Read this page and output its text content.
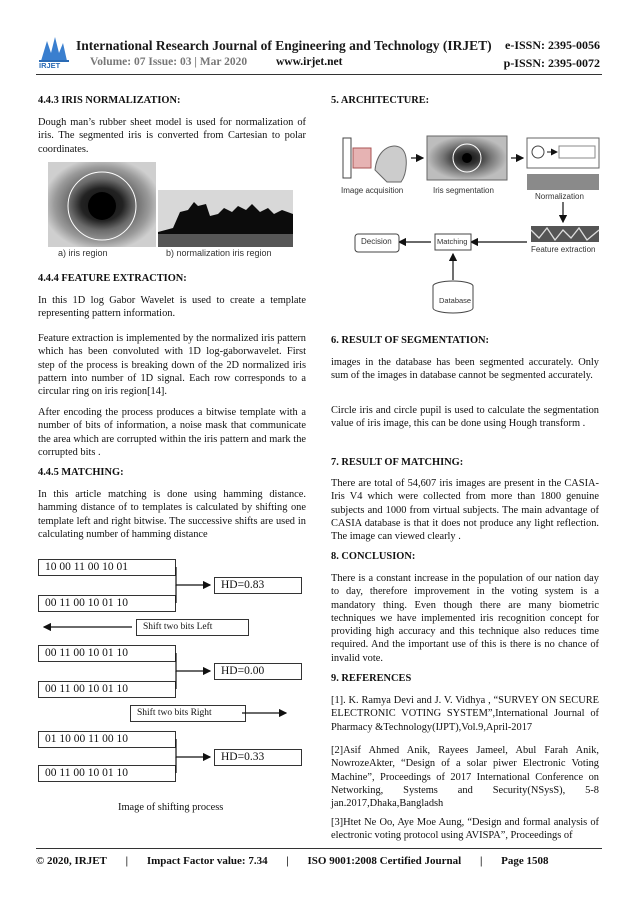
IRJET
International Research Journal of Engineering and Technology (IRJET) e-ISSN: 2395-0056
Volume: 07 Issue: 03 | Mar 2020	www.irjet.net	p-ISSN: 2395-0072
4.4.3 IRIS NORMALIZATION:

Dough man’s rubber sheet model is used for normalization of iris. The segmented iris is converted from Cartesian to polar coordinates.

a) iris region	b) normalization iris region
4.4.4 FEATURE EXTRACTION:

In this 1D log Gabor Wavelet is used to create a template representing pattern information.

Feature extraction is implemented by the normalized iris pattern which has been convoluted with 1D log-gaborwavelet. First step of the process is breaking down of the 2D normalized iris pattern into number of 1D signal. Each row corresponds to a circular ring on iris region[14].

After encoding the process produces a bitwise template with a number of bits of information, a noise mask that communicate the area which are corrupted within the iris pattern and mark the corrupted bits .

4.4.5 MATCHING:

In this article matching is done using hamming distance. hamming distance of to templates is calculated by shifting one template left and right bitwise. The successive shifts are used in calculating number of hamming distance

10 00 11 00 10 01
00 11 00 10 01 10
HD=0.83
Shift two bits Left
00 11 00 10 01 10
00 11 00 10 01 10
HD=0.00
Shift two bits Right
01 10 00 11 00 10
00 11 00 10 01 10
HD=0.33
Image of shifting process
5. ARCHITECTURE:
Image acquisition	Iris segmentation
Normalization
Feature extraction
Matching
Decision
Database
6. RESULT OF SEGMENTATION:

images in the database has been segmented accurately. Only sum of the images in database cannot be segmented accurately.

Circle iris and circle pupil is used to calculate the segmentation value of iris image, this can be done using Hough transform .

7. RESULT OF MATCHING:

There are total of 54,607 iris images are present in the CASIA-Iris V4 which were collected from more than 1800 genuine subjects and 1000 from virtual subjects. The main advantage of CASIA database is that it does not produce any light reflection. The image can viewed clearly .

8. CONCLUSION:

There is a constant increase in the population of our nation day to day, therefore improvement in the voting system is a mandatory thing. Even though there are many biometric techniques we have implemented iris recognition concept for providing high accuracy and this technique also reduces time required. And the important use of this is there is no chance of invalid vote.

9. REFERENCES

[1]. K. Ramya Devi and J. V. Vidhya , “SURVEY ON SECURE ELECTRONIC VOTING SYSTEM”,International Journal of Pharmacy &Technology(IJPT),Vol.9,April-2017

[2]Asif Ahmed Anik, Rayees Jameel, Abul Farah Anik, NowrozeAkter, “Design of a solar piwer Electronic Voting Machine”, Proceedings of 2017 International Conference on Networking, Systems and Security(NSysS), 5-8 jan.2017,Dhaka,Bangladsh

[3]Htet Ne Oo, Aye Moe Aung, “Design and formal analysis of electronic voting protocol using AVISPA”, Proceedings of

© 2020, IRJET | Impact Factor value: 7.34 | ISO 9001:2008 Certified Journal | Page 1508
